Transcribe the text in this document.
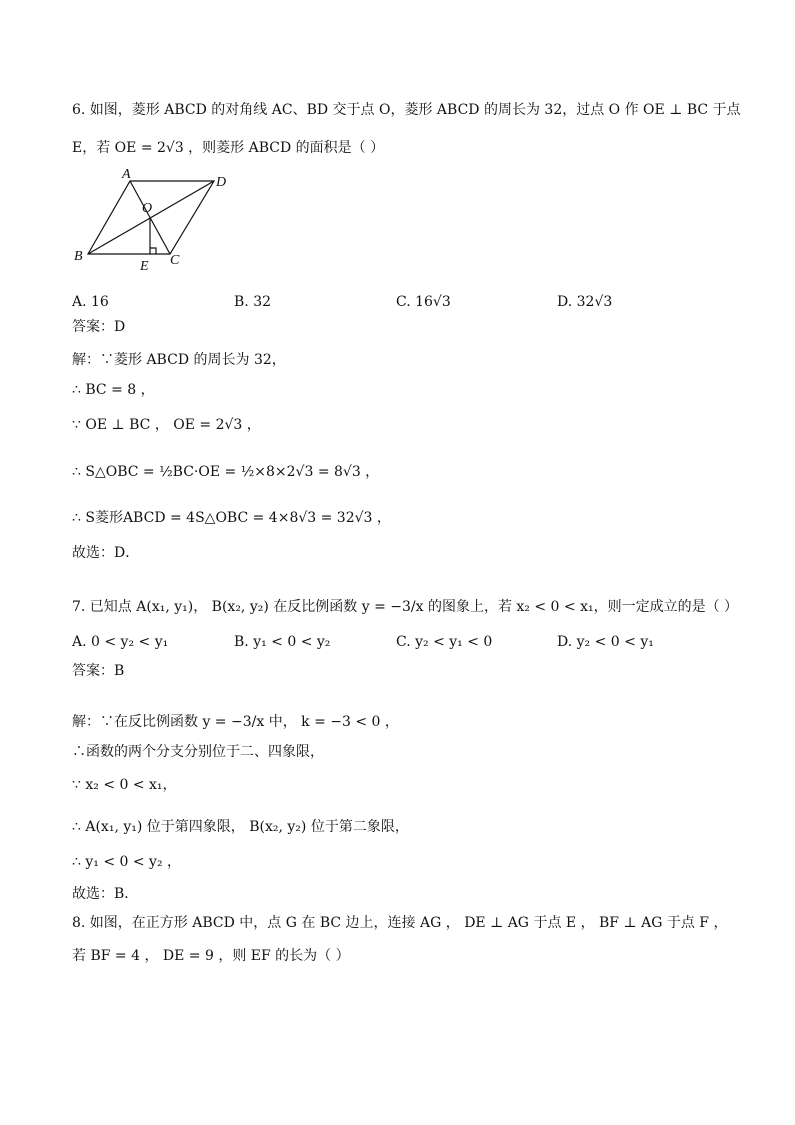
6. 如图，菱形 ABCD 的对角线 AC、BD 交于点 O，菱形 ABCD 的周长为 32，过点 O 作 OE ⊥ BC 于点
E，若 OE = 2√3 ，则菱形 ABCD 的面积是（ ）
A
D
O
B
E C
A. 16	B. 32	C. 16√3	D. 32√3
答案：D
解：∵菱形 ABCD 的周长为 32，
∴ BC = 8 ，
∵ OE ⊥ BC ， OE = 2√3 ，
∴ S△OBC = ½BC·OE = ½×8×2√3 = 8√3 ，
∴ S菱形ABCD = 4S△OBC = 4×8√3 = 32√3 ，
故选：D．
7. 已知点 A(x₁, y₁)， B(x₂, y₂) 在反比例函数 y = −3/x 的图象上，若 x₂ < 0 < x₁，则一定成立的是（ ）
A. 0 < y₂ < y₁	B. y₁ < 0 < y₂	C. y₂ < y₁ < 0	D. y₂ < 0 < y₁
答案：B
解：∵在反比例函数 y = −3/x 中， k = −3 < 0 ，
∴函数的两个分支分别位于二、四象限，
∵ x₂ < 0 < x₁，
∴ A(x₁, y₁) 位于第四象限， B(x₂, y₂) 位于第二象限，
∴ y₁ < 0 < y₂ ，
故选：B．
8. 如图，在正方形 ABCD 中，点 G 在 BC 边上，连接 AG ， DE ⊥ AG 于点 E ， BF ⊥ AG 于点 F ，
若 BF = 4 ， DE = 9 ，则 EF 的长为（ ）
